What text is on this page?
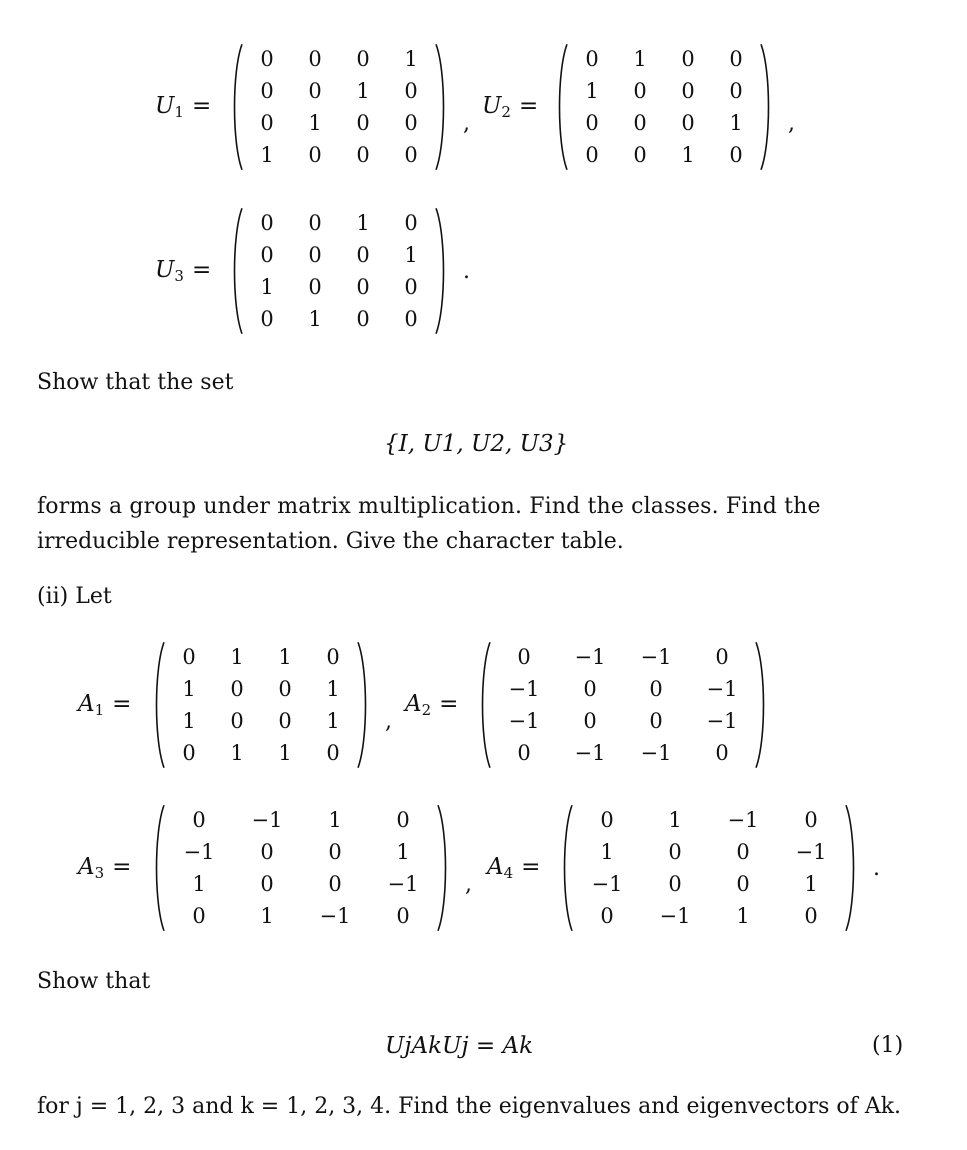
$U_1$ =
0	0	0	1
0	0	1	0
0	1	0	0
1	0	0	0
,
$U_2$ =
0	1	0	0
1	0	0	0
0	0	0	1
0	0	1	0
,
$U_3$ =
0	0	1	0
0	0	0	1
1	0	0	0
0	1	0	0
.
Show that the set
{I, U1, U2, U3}
forms a group under matrix multiplication. Find the classes. Find the
irreducible representation. Give the character table.
(ii) Let
$A_1$ =
0	1	1	0
1	0	0	1
1	0	0	1
0	1	1	0
,
$A_2$ =
0	−1	−1	0
−1	0	0	−1
−1	0	0	−1
0	−1	−1	0
$A_3$ =
0	−1	1	0
−1	0	0	1
1	0	0	−1
0	1	−1	0
,
$A_4$ =
0	1	−1	0
1	0	0	−1
−1	0	0	1
0	−1	1	0
.
Show that
UjAkUj = Ak	(1)
for j = 1, 2, 3 and k = 1, 2, 3, 4. Find the eigenvalues and eigenvectors of Ak.
